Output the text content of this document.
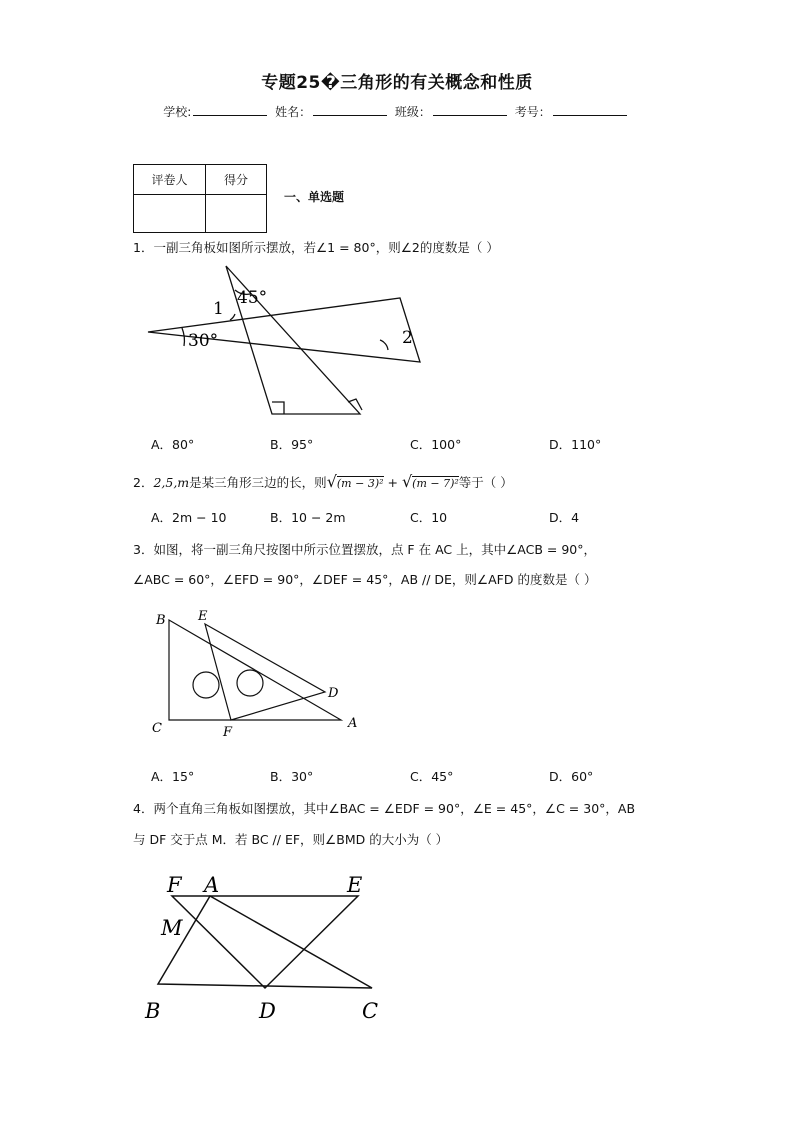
专题25�三角形的有关概念和性质
学校:	姓名：	班级：	考号：
评卷人	得分

一、单选题
1．一副三角板如图所示摆放，若∠1 = 80°，则∠2的度数是（ ）
45°
30°
1
2
A．80°	B．95°	C．100°	D．110°
2．2,5,m是某三角形三边的长，则√(m − 3)² + √(m − 7)²等于（ ）
A．2m − 10	B．10 − 2m	C．10	D．4
3．如图，将一副三角尺按图中所示位置摆放，点 F 在 AC 上，其中∠ACB = 90°，
∠ABC = 60°，∠EFD = 90°，∠DEF = 45°，AB // DE，则∠AFD 的度数是（ ）
B E
C	F
D
A
A．15°	B．30°	C．45°	D．60°
4．两个直角三角板如图摆放，其中∠BAC = ∠EDF = 90°，∠E = 45°，∠C = 30°，AB
与 DF 交于点 M．若 BC // EF，则∠BMD 的大小为（ ）
F A	E
M
B	D	C
